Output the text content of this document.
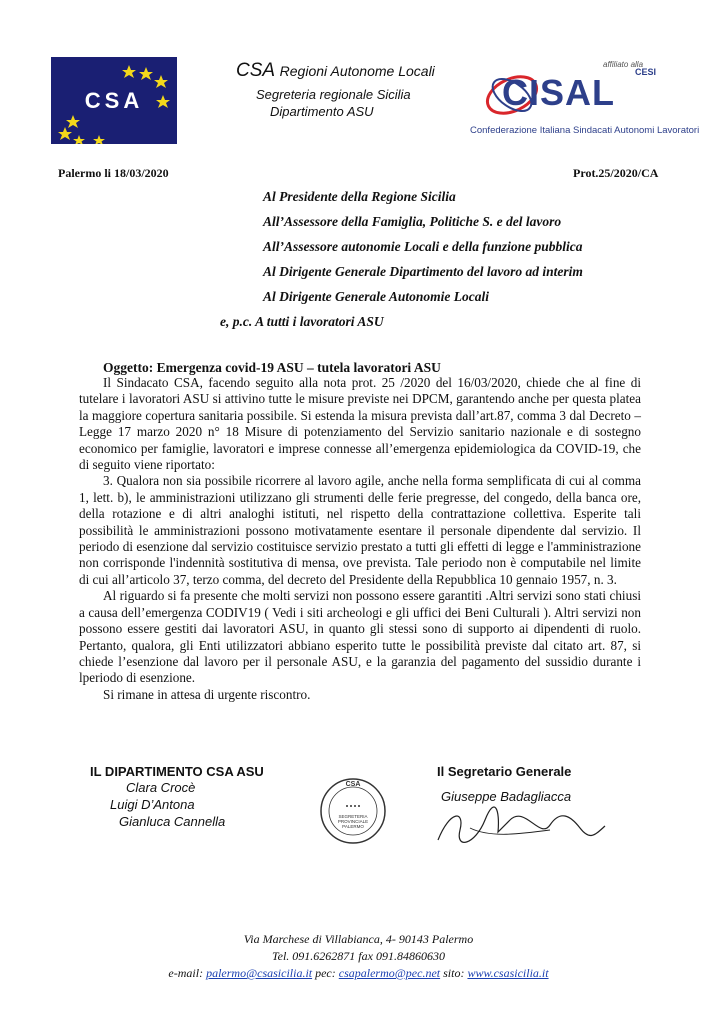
CSA
CSA Regioni Autonome Locali
Segreteria regionale Sicilia
Dipartimento ASU
affiliato alla
CESI
CISAL
Confederazione Italiana Sindacati Autonomi Lavoratori
Palermo li 18/03/2020	Prot.25/2020/CA
Al Presidente della Regione Sicilia
All’Assessore della Famiglia, Politiche S. e del lavoro
All’Assessore autonomie Locali e della funzione pubblica
Al Dirigente Generale Dipartimento del lavoro ad interim
Al Dirigente Generale Autonomie Locali
e, p.c. A tutti i lavoratori ASU
Oggetto: Emergenza covid-19 ASU – tutela lavoratori ASU

Il Sindacato CSA, facendo seguito alla nota prot. 25 /2020 del 16/03/2020, chiede che al fine di tutelare i lavoratori ASU si attivino tutte le misure previste nei DPCM, garantendo anche per questa platea la maggiore copertura sanitaria possibile. Si estenda la misura prevista dall’art.87, comma 3 dal Decreto – Legge 17 marzo 2020 n° 18 Misure di potenziamento del Servizio sanitario nazionale e di sostegno economico per famiglie, lavoratori e imprese connesse all’emergenza epidemiologica da COVID-19, che di seguito viene riportato:

3. Qualora non sia possibile ricorrere al lavoro agile, anche nella forma semplificata di cui al comma 1, lett. b), le amministrazioni utilizzano gli strumenti delle ferie pregresse, del congedo, della banca ore, della rotazione e di altri analoghi istituti, nel rispetto della contrattazione collettiva. Esperite tali possibilità le amministrazioni possono motivatamente esentare il personale dipendente dal servizio. Il periodo di esenzione dal servizio costituisce servizio prestato a tutti gli effetti di legge e l'amministrazione non corrisponde l'indennità sostitutiva di mensa, ove prevista. Tale periodo non è computabile nel limite di cui all’articolo 37, terzo comma, del decreto del Presidente della Repubblica 10 gennaio 1957, n. 3.

Al riguardo si fa presente che molti servizi non possono essere garantiti .Altri servizi sono stati chiusi a causa dell’emergenza CODIV19 ( Vedi i siti archeologi e gli uffici dei Beni Culturali ). Altri servizi non possono essere gestiti dai lavoratori ASU, in quanto gli stessi sono di supporto ai dipendenti di ruolo. Pertanto, qualora, gli Enti utilizzatori abbiano esperito tutte le possibilità previste dal citato art. 87, si chiede l’esenzione dal lavoro per il personale ASU, e la garanzia del pagamento del sussidio durante i lperiodo di esenzione.

Si rimane in attesa di urgente riscontro.

IL DIPARTIMENTO CSA ASU
Clara Crocè
Luigi D’Antona
Gianluca Cannella
CSA
SEGRETERIA
PROVINCIALE
PALERMO
Il Segretario Generale
Giuseppe Badagliacca
Via Marchese di Villabianca, 4- 90143 Palermo
Tel. 091.6262871 fax 091.84860630
e-mail: palermo@csasicilia.it pec: csapalermo@pec.net sito: www.csasicilia.it
